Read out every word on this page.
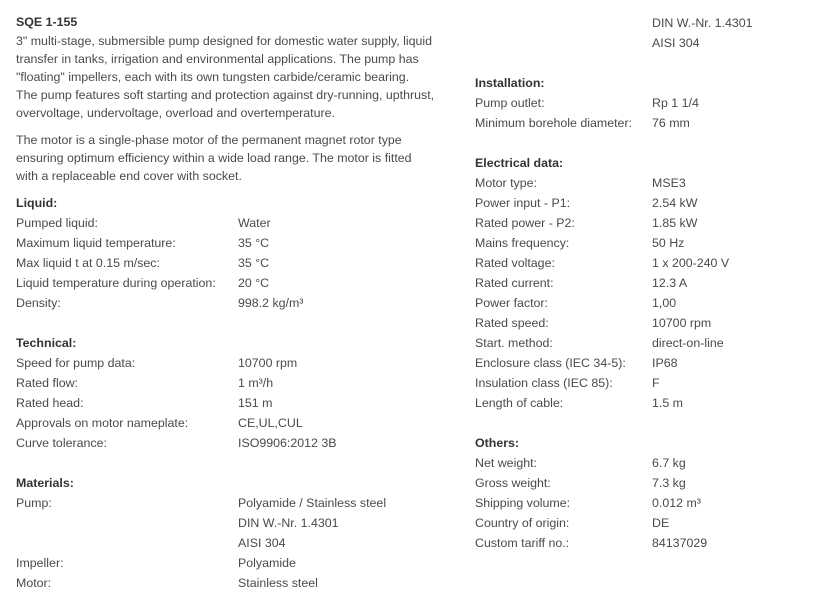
SQE 1-155
3" multi-stage, submersible pump designed for domestic water supply, liquid
transfer in tanks, irrigation and environmental applications. The pump has
"floating" impellers, each with its own tungsten carbide/ceramic bearing.
The pump features soft starting and protection against dry-running, upthrust,
overvoltage, undervoltage, overload and overtemperature.
The motor is a single-phase motor of the permanent magnet rotor type
ensuring optimum efficiency within a wide load range. The motor is fitted
with a replaceable end cover with socket.
Liquid:
Pumped liquid:	Water
Maximum liquid temperature:	35 °C
Max liquid t at 0.15 m/sec:	35 °C
Liquid temperature during operation: 20 °C
Density:	998.2 kg/m³
Technical:
Speed for pump data:	10700 rpm
Rated flow:	1 m³/h
Rated head:	151 m
Approvals on motor nameplate:	CE,UL,CUL
Curve tolerance:	ISO9906:2012 3B
Materials:
Pump:	Polyamide / Stainless steel
DIN W.-Nr. 1.4301
AISI 304
Impeller:	Polyamide
Motor:	Stainless steel
DIN W.-Nr. 1.4301
AISI 304
Installation:
Pump outlet:	Rp 1 1/4
Minimum borehole diameter: 76 mm
Electrical data:
Motor type:	MSE3
Power input - P1:	2.54 kW
Rated power - P2:	1.85 kW
Mains frequency:	50 Hz
Rated voltage:	1 x 200-240 V
Rated current:	12.3 A
Power factor:	1,00
Rated speed:	10700 rpm
Start. method:	direct-on-line
Enclosure class (IEC 34-5): IP68
Insulation class (IEC 85):	F
Length of cable:	1.5 m
Others:
Net weight:	6.7 kg
Gross weight:	7.3 kg
Shipping volume:	0.012 m³
Country of origin:	DE
Custom tariff no.:	84137029
